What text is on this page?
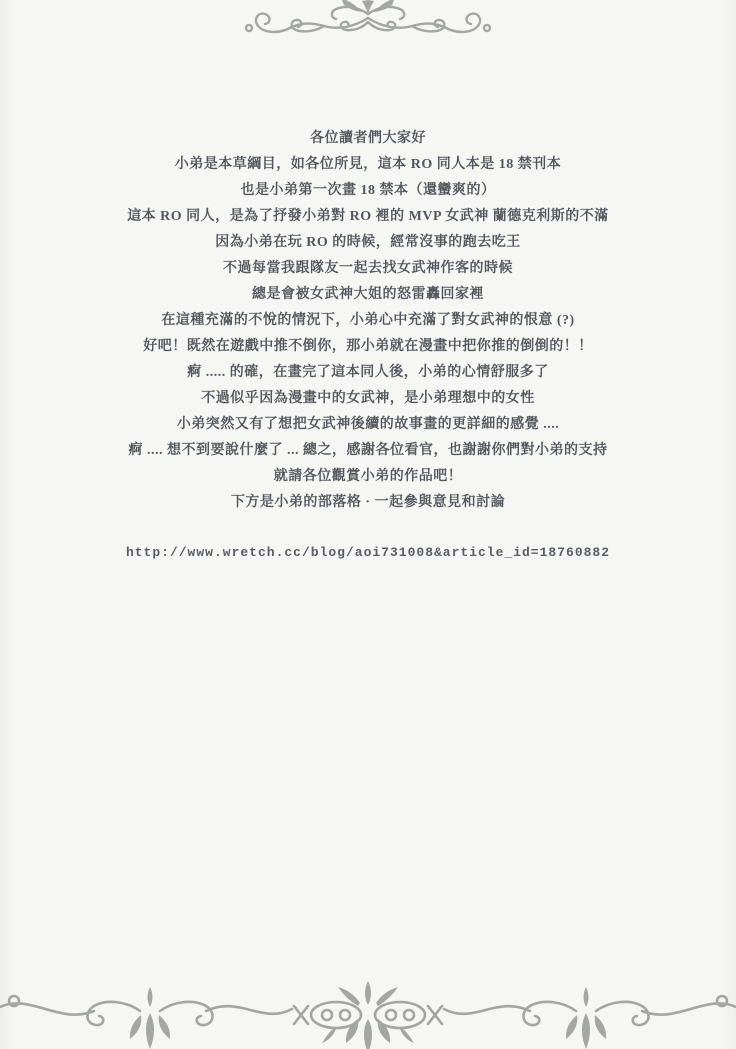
各位讀者們大家好
小弟是本草綱目，如各位所見，這本 RO 同人本是 18 禁刊本
也是小弟第一次畫 18 禁本（還蠻爽的）
這本 RO 同人，是為了抒發小弟對 RO 裡的 MVP 女武神 蘭德克利斯的不滿
因為小弟在玩 RO 的時候，經常沒事的跑去吃王
不過每當我跟隊友一起去找女武神作客的時候
總是會被女武神大姐的怒雷轟回家裡
在這種充滿的不悅的情況下，小弟心中充滿了對女武神的恨意 (?)
好吧！既然在遊戲中推不倒你，那小弟就在漫畫中把你推的倒倒的！！
痾 ..... 的確，在畫完了這本同人後，小弟的心情舒服多了
不過似乎因為漫畫中的女武神，是小弟理想中的女性
小弟突然又有了想把女武神後續的故事畫的更詳細的感覺 ....
痾 .... 想不到要說什麼了 ... 總之，感謝各位看官，也謝謝你們對小弟的支持
就請各位觀賞小弟的作品吧！
下方是小弟的部落格 · 一起參與意見和討論
http://www.wretch.cc/blog/aoi731008&article_id=18760882
